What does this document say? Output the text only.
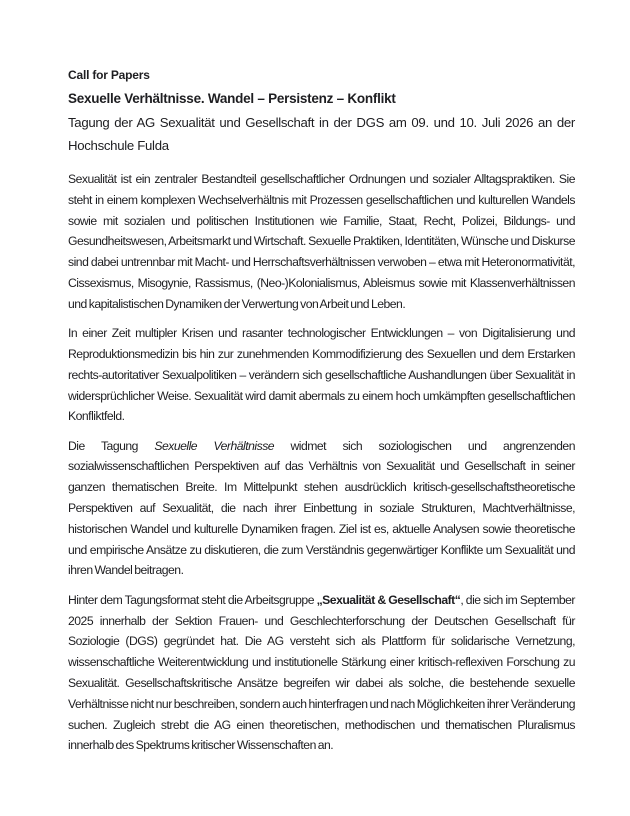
Call for Papers

Sexuelle Verhältnisse. Wandel – Persistenz – Konflikt

Tagung der AG Sexualität und Gesellschaft in der DGS am 09. und 10. Juli 2026 an der Hochschule Fulda

Sexualität ist ein zentraler Bestandteil gesellschaftlicher Ordnungen und sozialer Alltagspraktiken. Sie steht in einem komplexen Wechselverhältnis mit Prozessen gesellschaftlichen und kulturellen Wandels sowie mit sozialen und politischen Institutionen wie Familie, Staat, Recht, Polizei, Bildungs- und Gesundheitswesen, Arbeitsmarkt und Wirtschaft. Sexuelle Praktiken, Identitäten, Wünsche und Diskurse sind dabei untrennbar mit Macht- und Herrschaftsverhältnissen verwoben – etwa mit Heteronormativität, Cissexismus, Misogynie, Rassismus, (Neo-)Kolonialismus, Ableismus sowie mit Klassenverhältnissen und kapitalistischen Dynamiken der Verwertung von Arbeit und Leben.

In einer Zeit multipler Krisen und rasanter technologischer Entwicklungen – von Digitalisierung und Reproduktionsmedizin bis hin zur zunehmenden Kommodifizierung des Sexuellen und dem Erstarken rechts-autoritativer Sexualpolitiken – verändern sich gesellschaftliche Aushandlungen über Sexualität in widersprüchlicher Weise. Sexualität wird damit abermals zu einem hoch umkämpften gesellschaftlichen Konfliktfeld.

Die Tagung Sexuelle Verhältnisse widmet sich soziologischen und angrenzenden sozialwissenschaftlichen Perspektiven auf das Verhältnis von Sexualität und Gesellschaft in seiner ganzen thematischen Breite. Im Mittelpunkt stehen ausdrücklich kritisch-gesellschaftstheoretische Perspektiven auf Sexualität, die nach ihrer Einbettung in soziale Strukturen, Machtverhältnisse, historischen Wandel und kulturelle Dynamiken fragen. Ziel ist es, aktuelle Analysen sowie theoretische und empirische Ansätze zu diskutieren, die zum Verständnis gegenwärtiger Konflikte um Sexualität und ihren Wandel beitragen.

Hinter dem Tagungsformat steht die Arbeitsgruppe „Sexualität & Gesellschaft“, die sich im September 2025 innerhalb der Sektion Frauen- und Geschlechterforschung der Deutschen Gesellschaft für Soziologie (DGS) gegründet hat. Die AG versteht sich als Plattform für solidarische Vernetzung, wissenschaftliche Weiterentwicklung und institutionelle Stärkung einer kritisch-reflexiven Forschung zu Sexualität. Gesellschaftskritische Ansätze begreifen wir dabei als solche, die bestehende sexuelle Verhältnisse nicht nur beschreiben, sondern auch hinterfragen und nach Möglichkeiten ihrer Veränderung suchen. Zugleich strebt die AG einen theoretischen, methodischen und thematischen Pluralismus innerhalb des Spektrums kritischer Wissenschaften an.
